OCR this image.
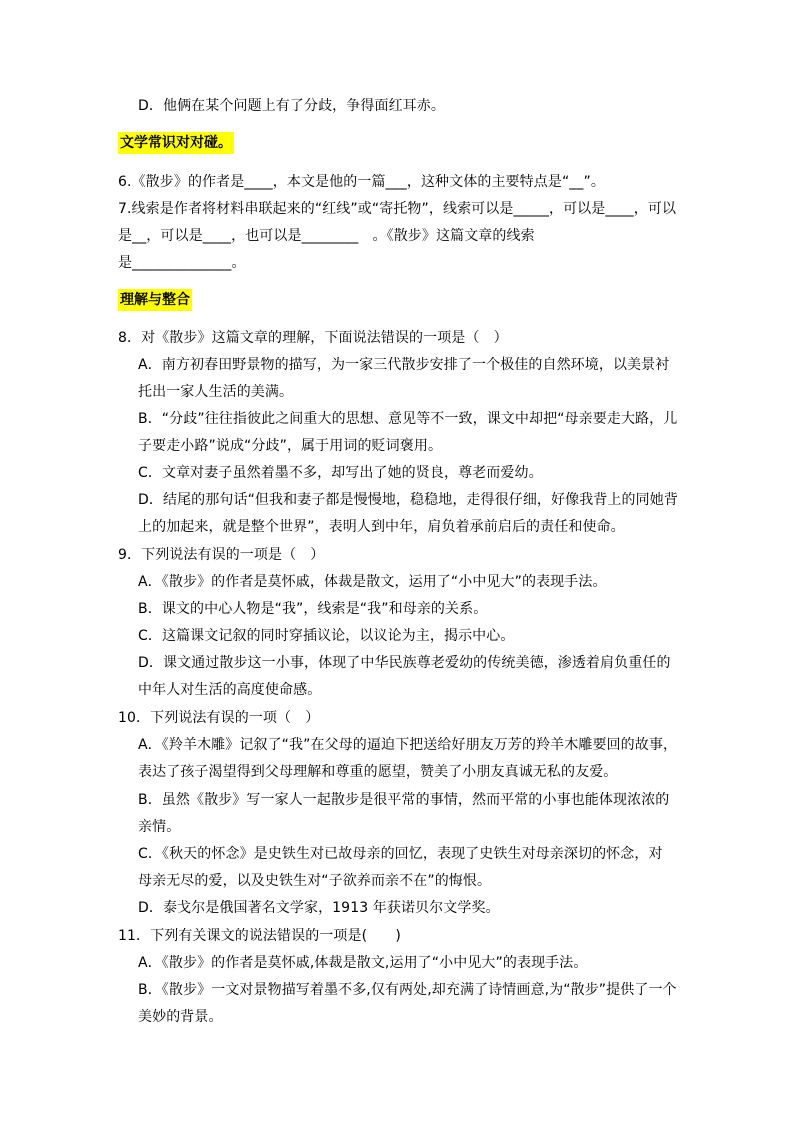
D．他俩在某个问题上有了分歧，争得面红耳赤。
文学常识对对碰。
6.《散步》的作者是____，本文是他的一篇___，这种文体的主要特点是“__”。
7.线索是作者将材料串联起来的“红线”或“寄托物”，线索可以是_____，可以是____，可以
是__，可以是____，也可以是________　。《散步》这篇文章的线索
是______________。
理解与整合
8．对《散步》这篇文章的理解，下面说法错误的一项是（　）
A．南方初春田野景物的描写，为一家三代散步安排了一个极佳的自然环境，以美景衬
托出一家人生活的美满。
B．“分歧”往往指彼此之间重大的思想、意见等不一致，课文中却把“母亲要走大路，儿
子要走小路”说成“分歧”，属于用词的贬词褒用。
C．文章对妻子虽然着墨不多，却写出了她的贤良，尊老而爱幼。
D．结尾的那句话“但我和妻子都是慢慢地，稳稳地，走得很仔细，好像我背上的同她背
上的加起来，就是整个世界”，表明人到中年，肩负着承前启后的责任和使命。
9．下列说法有误的一项是（　）
A．《散步》的作者是莫怀戚，体裁是散文，运用了“小中见大”的表现手法。
B．课文的中心人物是“我”，线索是“我”和母亲的关系。
C．这篇课文记叙的同时穿插议论，以议论为主，揭示中心。
D．课文通过散步这一小事，体现了中华民族尊老爱幼的传统美德，渗透着肩负重任的
中年人对生活的高度使命感。
10．下列说法有误的一项（　）
A．《羚羊木雕》记叙了“我”在父母的逼迫下把送给好朋友万芳的羚羊木雕要回的故事，
表达了孩子渴望得到父母理解和尊重的愿望，赞美了小朋友真诚无私的友爱。
B．虽然《散步》写一家人一起散步是很平常的事情，然而平常的小事也能体现浓浓的
亲情。
C．《秋天的怀念》是史铁生对已故母亲的回忆，表现了史铁生对母亲深切的怀念，对
母亲无尽的爱，以及史铁生对“子欲养而亲不在”的悔恨。
D．泰戈尔是俄国著名文学家，1913 年获诺贝尔文学奖。
11．下列有关课文的说法错误的一项是(　　)
A．《散步》的作者是莫怀戚,体裁是散文,运用了“小中见大”的表现手法。
B．《散步》一文对景物描写着墨不多,仅有两处,却充满了诗情画意,为“散步”提供了一个
美妙的背景。
